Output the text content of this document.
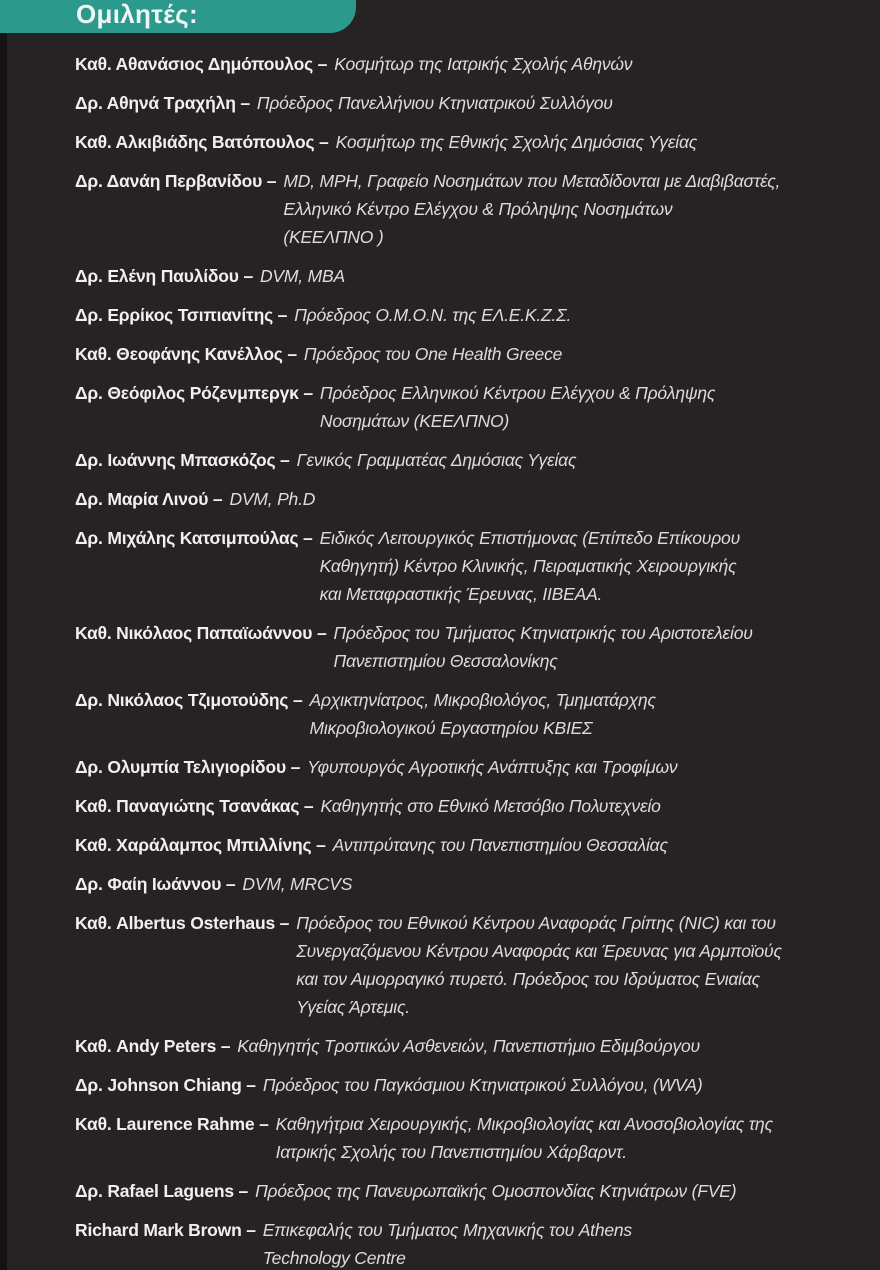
Ομιλητές:
Καθ. Αθανάσιος Δημόπουλος – Κοσμήτωρ της Ιατρικής Σχολής Αθηνών
Δρ. Αθηνά Τραχήλη – Πρόεδρος Πανελλήνιου Κτηνιατρικού Συλλόγου
Καθ. Αλκιβιάδης Βατόπουλος – Κοσμήτωρ της Εθνικής Σχολής Δημόσιας Υγείας
Δρ. Δανάη Περβανίδου – MD, MPH, Γραφείο Νοσημάτων που Μεταδίδονται με Διαβιβαστές,
Ελληνικό Κέντρο Ελέγχου & Πρόληψης Νοσημάτων
(ΚΕΕΛΠΝΟ )
Δρ. Ελένη Παυλίδου – DVM, MBA
Δρ. Ερρίκος Τσιπιανίτης – Πρόεδρος Ο.Μ.Ο.Ν. της ΕΛ.Ε.Κ.Ζ.Σ.
Καθ. Θεοφάνης Κανέλλος – Πρόεδρος του One Health Greece
Δρ. Θεόφιλος Ρόζενμπεργκ – Πρόεδρος Ελληνικού Κέντρου Ελέγχου & Πρόληψης
Νοσημάτων (ΚΕΕΛΠΝΟ)
Δρ. Ιωάννης Μπασκόζος – Γενικός Γραμματέας Δημόσιας Υγείας
Δρ. Μαρία Λινού – DVM, Ph.D
Δρ. Μιχάλης Κατσιμπούλας – Ειδικός Λειτουργικός Επιστήμονας (Επίπεδο Επίκουρου
Καθηγητή) Κέντρο Κλινικής, Πειραματικής Χειρουργικής
και Μεταφραστικής Έρευνας, ΙΙΒΕΑΑ.
Καθ. Νικόλαος Παπαϊωάννου – Πρόεδρος του Τμήματος Κτηνιατρικής του Αριστοτελείου
Πανεπιστημίου Θεσσαλονίκης
Δρ. Νικόλαος Τζιμοτούδης – Αρχικτηνίατρος, Μικροβιολόγος, Τμηματάρχης
Μικροβιολογικού Εργαστηρίου ΚΒΙΕΣ
Δρ. Ολυμπία Τελιγιορίδου – Υφυπουργός Αγροτικής Ανάπτυξης και Τροφίμων
Καθ. Παναγιώτης Τσανάκας – Καθηγητής στο Εθνικό Μετσόβιο Πολυτεχνείο
Καθ. Χαράλαμπος Μπιλλίνης – Αντιπρύτανης του Πανεπιστημίου Θεσσαλίας
Δρ. Φαίη Ιωάννου – DVM, MRCVS
Καθ. Albertus Osterhaus – Πρόεδρος του Εθνικού Κέντρου Αναφοράς Γρίπης (NIC) και του
Συνεργαζόμενου Κέντρου Αναφοράς και Έρευνας για Αρμποϊούς
και τον Αιμορραγικό πυρετό. Πρόεδρος του Ιδρύματος Ενιαίας
Υγείας Άρτεμις.
Καθ. Andy Peters – Καθηγητής Τροπικών Ασθενειών, Πανεπιστήμιο Εδιμβούργου
Δρ. Johnson Chiang – Πρόεδρος του Παγκόσμιου Κτηνιατρικού Συλλόγου, (WVA)
Καθ. Laurence Rahme – Καθηγήτρια Χειρουργικής, Μικροβιολογίας και Ανοσοβιολογίας της
Ιατρικής Σχολής του Πανεπιστημίου Χάρβαρντ.
Δρ. Rafael Laguens – Πρόεδρος της Πανευρωπαϊκής Ομοσπονδίας Κτηνιάτρων (FVE)
Richard Mark Brown – Επικεφαλής του Τμήματος Μηχανικής του Athens
Technology Centre
